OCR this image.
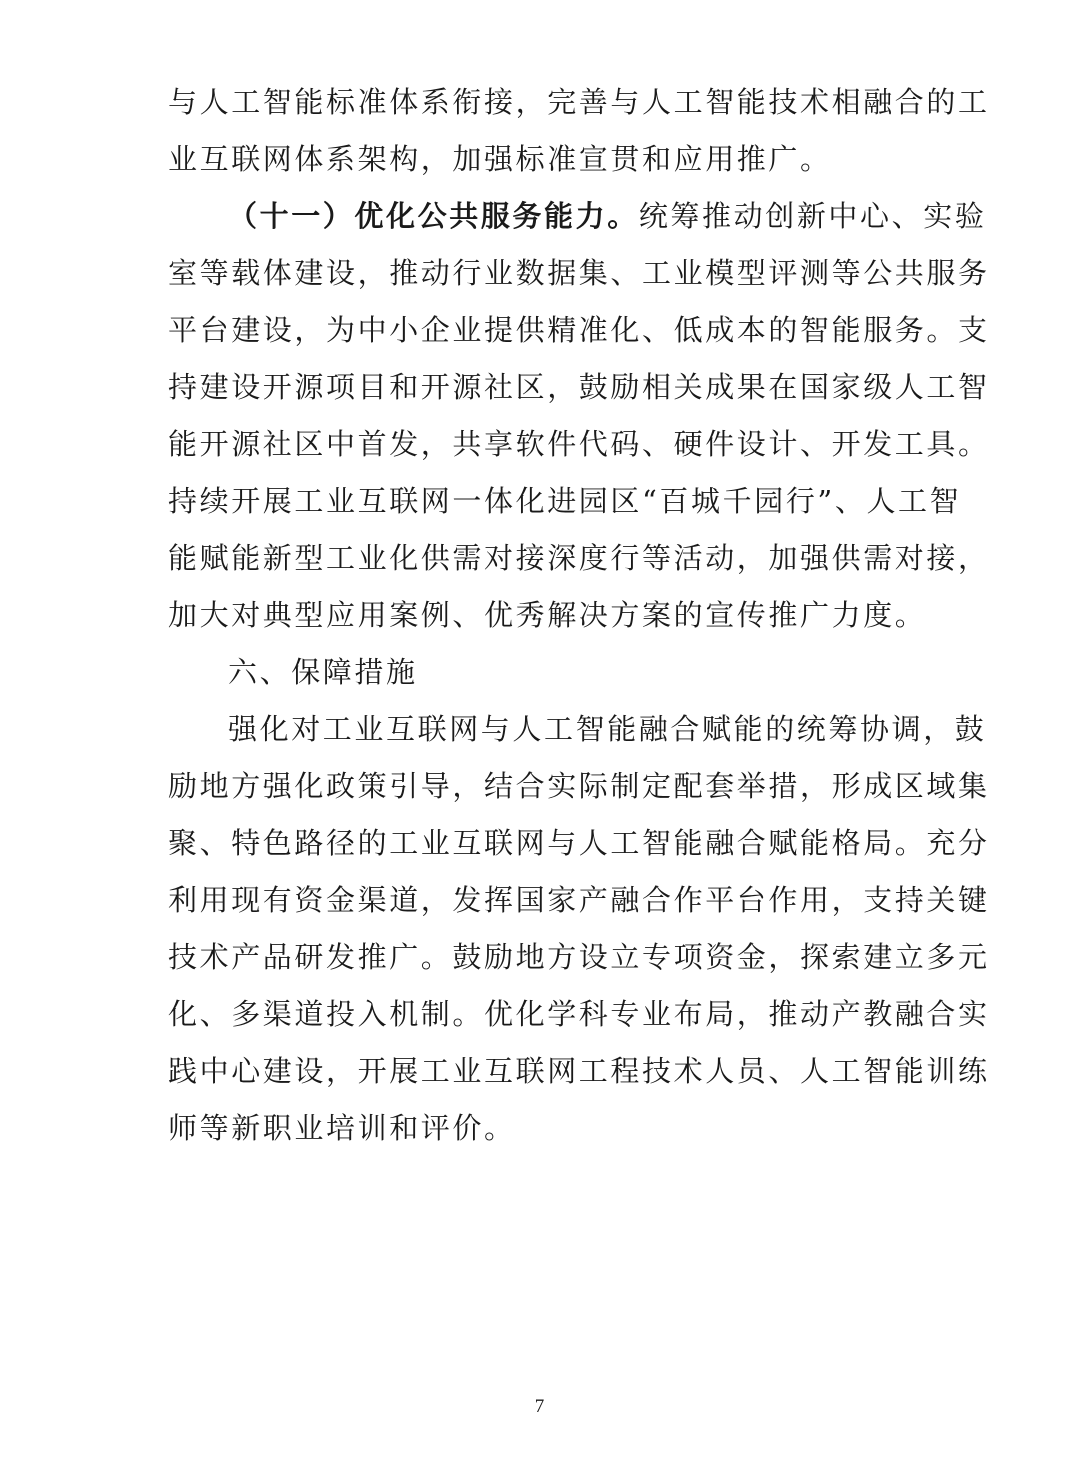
与人工智能标准体系衔接，完善与人工智能技术相融合的工
业互联网体系架构，加强标准宣贯和应用推广。
（十一）优化公共服务能力。统筹推动创新中心、实验
室等载体建设，推动行业数据集、工业模型评测等公共服务
平台建设，为中小企业提供精准化、低成本的智能服务。支
持建设开源项目和开源社区，鼓励相关成果在国家级人工智
能开源社区中首发，共享软件代码、硬件设计、开发工具。
持续开展工业互联网一体化进园区“百城千园行”、人工智
能赋能新型工业化供需对接深度行等活动，加强供需对接，
加大对典型应用案例、优秀解决方案的宣传推广力度。
六、保障措施
强化对工业互联网与人工智能融合赋能的统筹协调，鼓
励地方强化政策引导，结合实际制定配套举措，形成区域集
聚、特色路径的工业互联网与人工智能融合赋能格局。充分
利用现有资金渠道，发挥国家产融合作平台作用，支持关键
技术产品研发推广。鼓励地方设立专项资金，探索建立多元
化、多渠道投入机制。优化学科专业布局，推动产教融合实
践中心建设，开展工业互联网工程技术人员、人工智能训练
师等新职业培训和评价。
7
